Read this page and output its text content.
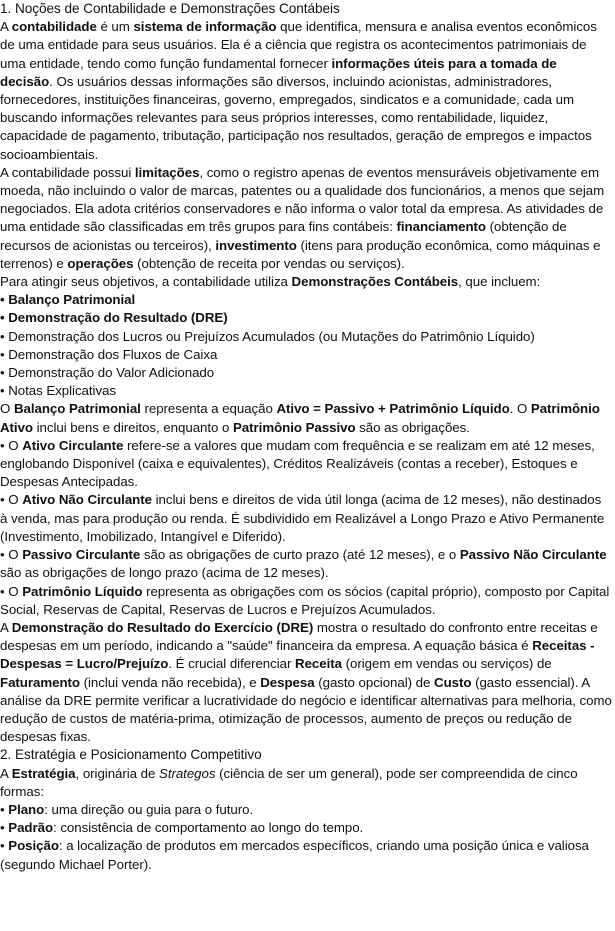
1. Noções de Contabilidade e Demonstrações Contábeis

A contabilidade é um sistema de informação que identifica, mensura e analisa eventos econômicos de uma entidade para seus usuários. Ela é a ciência que registra os acontecimentos patrimoniais de uma entidade, tendo como função fundamental fornecer informações úteis para a tomada de decisão. Os usuários dessas informações são diversos, incluindo acionistas, administradores, fornecedores, instituições financeiras, governo, empregados, sindicatos e a comunidade, cada um buscando informações relevantes para seus próprios interesses, como rentabilidade, liquidez, capacidade de pagamento, tributação, participação nos resultados, geração de empregos e impactos socioambientais.

A contabilidade possui limitações, como o registro apenas de eventos mensuráveis objetivamente em moeda, não incluindo o valor de marcas, patentes ou a qualidade dos funcionários, a menos que sejam negociados. Ela adota critérios conservadores e não informa o valor total da empresa. As atividades de uma entidade são classificadas em três grupos para fins contábeis: financiamento (obtenção de recursos de acionistas ou terceiros), investimento (itens para produção econômica, como máquinas e terrenos) e operações (obtenção de receita por vendas ou serviços).

Para atingir seus objetivos, a contabilidade utiliza Demonstrações Contábeis, que incluem:

• Balanço Patrimonial

• Demonstração do Resultado (DRE)

• Demonstração dos Lucros ou Prejuízos Acumulados (ou Mutações do Patrimônio Líquido)

• Demonstração dos Fluxos de Caixa

• Demonstração do Valor Adicionado

• Notas Explicativas

O Balanço Patrimonial representa a equação Ativo = Passivo + Patrimônio Líquido. O Patrimônio Ativo inclui bens e direitos, enquanto o Patrimônio Passivo são as obrigações.

• O Ativo Circulante refere-se a valores que mudam com frequência e se realizam em até 12 meses, englobando Disponível (caixa e equivalentes), Créditos Realizáveis (contas a receber), Estoques e Despesas Antecipadas.

• O Ativo Não Circulante inclui bens e direitos de vida útil longa (acima de 12 meses), não destinados à venda, mas para produção ou renda. É subdividido em Realizável a Longo Prazo e Ativo Permanente (Investimento, Imobilizado, Intangível e Diferido).

• O Passivo Circulante são as obrigações de curto prazo (até 12 meses), e o Passivo Não Circulante são as obrigações de longo prazo (acima de 12 meses).

• O Patrimônio Líquido representa as obrigações com os sócios (capital próprio), composto por Capital Social, Reservas de Capital, Reservas de Lucros e Prejuízos Acumulados.

A Demonstração do Resultado do Exercício (DRE) mostra o resultado do confronto entre receitas e despesas em um período, indicando a "saúde" financeira da empresa. A equação básica é Receitas - Despesas = Lucro/Prejuízo. É crucial diferenciar Receita (origem em vendas ou serviços) de Faturamento (inclui venda não recebida), e Despesa (gasto opcional) de Custo (gasto essencial). A análise da DRE permite verificar a lucratividade do negócio e identificar alternativas para melhoria, como redução de custos de matéria-prima, otimização de processos, aumento de preços ou redução de despesas fixas.

2. Estratégia e Posicionamento Competitivo

A Estratégia, originária de Strategos (ciência de ser um general), pode ser compreendida de cinco formas:

• Plano: uma direção ou guia para o futuro.

• Padrão: consistência de comportamento ao longo do tempo.

• Posição: a localização de produtos em mercados específicos, criando uma posição única e valiosa (segundo Michael Porter).
